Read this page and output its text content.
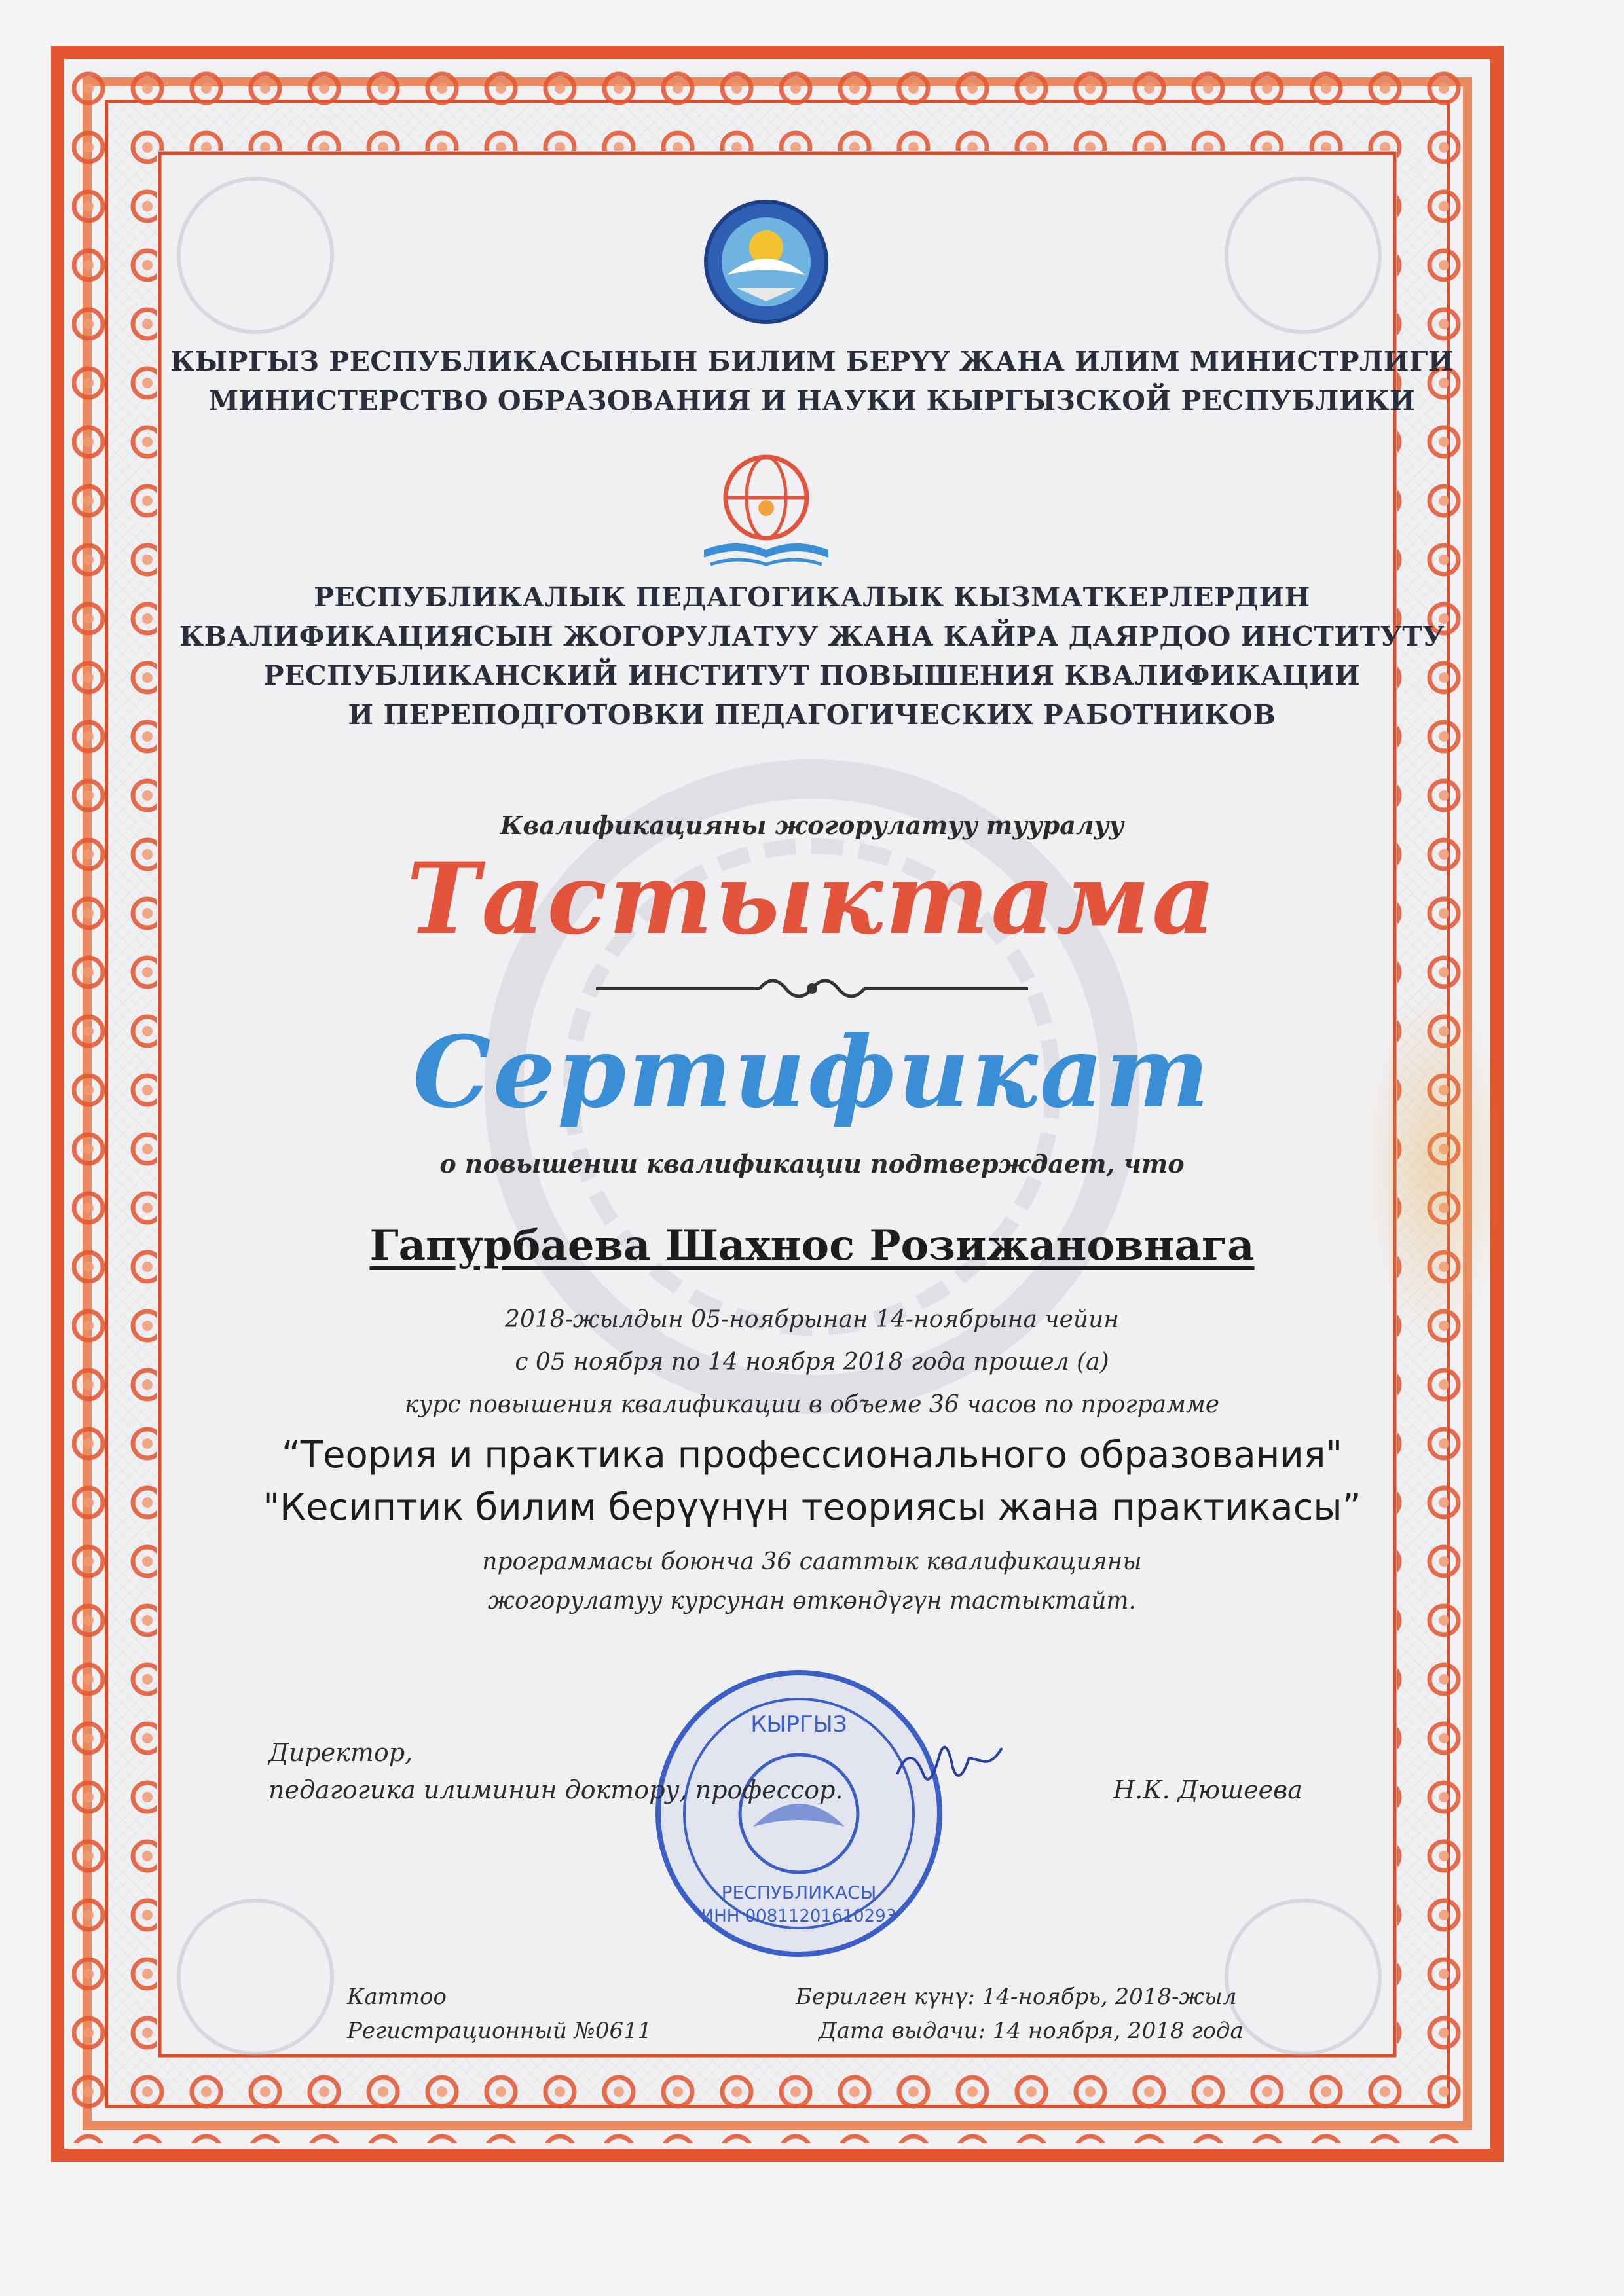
КЫРГЫЗ РЕСПУБЛИКАСЫНЫН БИЛИМ БЕРҮҮ ЖАНА ИЛИМ МИНИСТРЛИГИ
МИНИСТЕРСТВО ОБРАЗОВАНИЯ И НАУКИ КЫРГЫЗСКОЙ РЕСПУБЛИКИ
РЕСПУБЛИКАЛЫК ПЕДАГОГИКАЛЫК КЫЗМАТКЕРЛЕРДИН
КВАЛИФИКАЦИЯСЫН ЖОГОРУЛАТУУ ЖАНА КАЙРА ДАЯРДОО ИНСТИТУТУ
РЕСПУБЛИКАНСКИЙ ИНСТИТУТ ПОВЫШЕНИЯ КВАЛИФИКАЦИИ
И ПЕРЕПОДГОТОВКИ ПЕДАГОГИЧЕСКИХ РАБОТНИКОВ
Квалификацияны жогорулатуу тууралуу
Тастыктама
Сертификат
о повышении квалификации подтверждает, что
Гапурбаева Шахнос Розижановнага
2018-жылдын 05-ноябрынан 14-ноябрына чейин
с 05 ноября по 14 ноября 2018 года прошел (а)
курс повышения квалификации в объеме 36 часов по программе
“Теория и практика профессионального образования"
"Кесиптик билим берүүнүн теориясы жана практикасы”
программасы боюнча 36 сааттык квалификацияны
жогорулатуу курсунан өткөндүгүн тастыктайт.
КЫРГЫЗ
РЕСПУБЛИКАСЫ
ИНН 00811201610293
Директор,
педагогика илиминин доктору, профессор.	Н.К. Дюшеева
Каттоо
Регистрационный №0611
Берилген күнү: 14-ноябрь, 2018-жыл
Дата выдачи: 14 ноября, 2018 года
